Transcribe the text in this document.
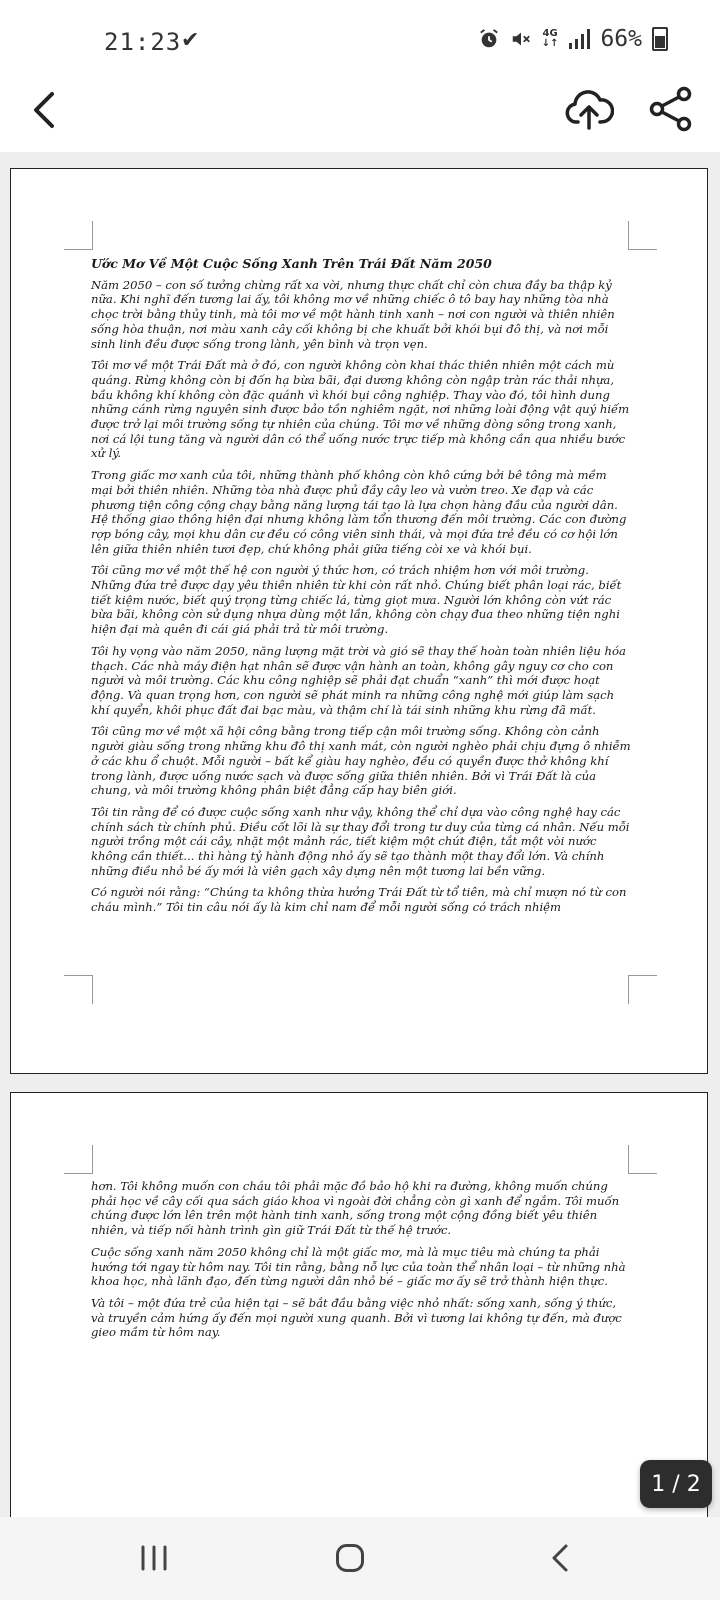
21:23 ✔	4G
↓↑ 66%
Ước Mơ Về Một Cuộc Sống Xanh Trên Trái Đất Năm 2050

Năm 2050 – con số tưởng chừng rất xa vời, nhưng thực chất chỉ còn chưa đầy ba thập kỷ nữa. Khi nghĩ đến tương lai ấy, tôi không mơ về những chiếc ô tô bay hay những tòa nhà chọc trời bằng thủy tinh, mà tôi mơ về một hành tinh xanh – nơi con người và thiên nhiên sống hòa thuận, nơi màu xanh cây cối không bị che khuất bởi khói bụi đô thị, và nơi mỗi sinh linh đều được sống trong lành, yên bình và trọn vẹn.

Tôi mơ về một Trái Đất mà ở đó, con người không còn khai thác thiên nhiên một cách mù quáng. Rừng không còn bị đốn hạ bừa bãi, đại dương không còn ngập tràn rác thải nhựa, bầu không khí không còn đặc quánh vì khói bụi công nghiệp. Thay vào đó, tôi hình dung những cánh rừng nguyên sinh được bảo tồn nghiêm ngặt, nơi những loài động vật quý hiếm được trở lại môi trường sống tự nhiên của chúng. Tôi mơ về những dòng sông trong xanh, nơi cá lội tung tăng và người dân có thể uống nước trực tiếp mà không cần qua nhiều bước xử lý.

Trong giấc mơ xanh của tôi, những thành phố không còn khô cứng bởi bê tông mà mềm mại bởi thiên nhiên. Những tòa nhà được phủ đầy cây leo và vườn treo. Xe đạp và các phương tiện công cộng chạy bằng năng lượng tái tạo là lựa chọn hàng đầu của người dân. Hệ thống giao thông hiện đại nhưng không làm tổn thương đến môi trường. Các con đường rợp bóng cây, mọi khu dân cư đều có công viên sinh thái, và mọi đứa trẻ đều có cơ hội lớn lên giữa thiên nhiên tươi đẹp, chứ không phải giữa tiếng còi xe và khói bụi.

Tôi cũng mơ về một thế hệ con người ý thức hơn, có trách nhiệm hơn với môi trường. Những đứa trẻ được dạy yêu thiên nhiên từ khi còn rất nhỏ. Chúng biết phân loại rác, biết tiết kiệm nước, biết quý trọng từng chiếc lá, từng giọt mưa. Người lớn không còn vứt rác bừa bãi, không còn sử dụng nhựa dùng một lần, không còn chạy đua theo những tiện nghi hiện đại mà quên đi cái giá phải trả từ môi trường.

Tôi hy vọng vào năm 2050, năng lượng mặt trời và gió sẽ thay thế hoàn toàn nhiên liệu hóa thạch. Các nhà máy điện hạt nhân sẽ được vận hành an toàn, không gây nguy cơ cho con người và môi trường. Các khu công nghiệp sẽ phải đạt chuẩn “xanh” thì mới được hoạt động. Và quan trọng hơn, con người sẽ phát minh ra những công nghệ mới giúp làm sạch khí quyển, khôi phục đất đai bạc màu, và thậm chí là tái sinh những khu rừng đã mất.

Tôi cũng mơ về một xã hội công bằng trong tiếp cận môi trường sống. Không còn cảnh người giàu sống trong những khu đô thị xanh mát, còn người nghèo phải chịu đựng ô nhiễm ở các khu ổ chuột. Mỗi người – bất kể giàu hay nghèo, đều có quyền được thở không khí trong lành, được uống nước sạch và được sống giữa thiên nhiên. Bởi vì Trái Đất là của chung, và môi trường không phân biệt đẳng cấp hay biên giới.

Tôi tin rằng để có được cuộc sống xanh như vậy, không thể chỉ dựa vào công nghệ hay các chính sách từ chính phủ. Điều cốt lõi là sự thay đổi trong tư duy của từng cá nhân. Nếu mỗi người trồng một cái cây, nhặt một mảnh rác, tiết kiệm một chút điện, tắt một vòi nước không cần thiết... thì hàng tỷ hành động nhỏ ấy sẽ tạo thành một thay đổi lớn. Và chính những điều nhỏ bé ấy mới là viên gạch xây dựng nên một tương lai bền vững.

Có người nói rằng: “Chúng ta không thừa hưởng Trái Đất từ tổ tiên, mà chỉ mượn nó từ con cháu mình.” Tôi tin câu nói ấy là kim chỉ nam để mỗi người sống có trách nhiệm

hơn. Tôi không muốn con cháu tôi phải mặc đồ bảo hộ khi ra đường, không muốn chúng phải học về cây cối qua sách giáo khoa vì ngoài đời chẳng còn gì xanh để ngắm. Tôi muốn chúng được lớn lên trên một hành tinh xanh, sống trong một cộng đồng biết yêu thiên nhiên, và tiếp nối hành trình gìn giữ Trái Đất từ thế hệ trước.

Cuộc sống xanh năm 2050 không chỉ là một giấc mơ, mà là mục tiêu mà chúng ta phải hướng tới ngay từ hôm nay. Tôi tin rằng, bằng nỗ lực của toàn thể nhân loại – từ những nhà khoa học, nhà lãnh đạo, đến từng người dân nhỏ bé – giấc mơ ấy sẽ trở thành hiện thực.

Và tôi – một đứa trẻ của hiện tại – sẽ bắt đầu bằng việc nhỏ nhất: sống xanh, sống ý thức, và truyền cảm hứng ấy đến mọi người xung quanh. Bởi vì tương lai không tự đến, mà được gieo mầm từ hôm nay.

1 / 2
